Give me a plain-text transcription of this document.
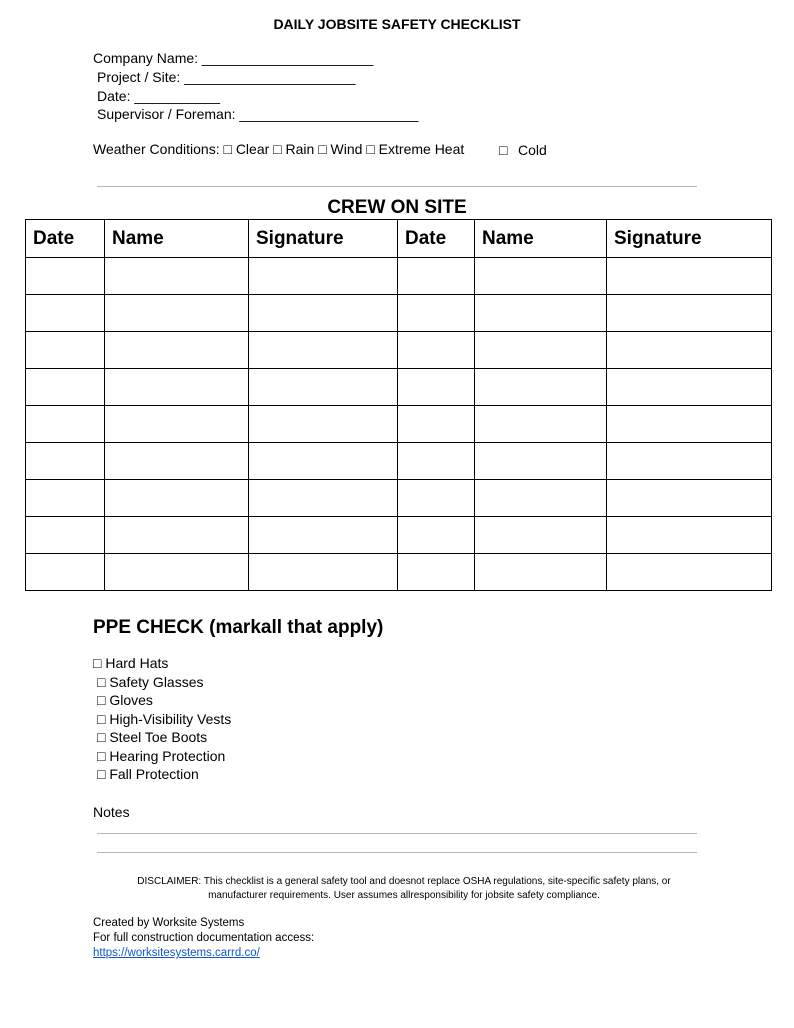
DAILY JOBSITE SAFETY CHECKLIST
Company Name: ______________________
Project / Site: ______________________
Date: ___________
Supervisor / Foreman: _______________________
Weather Conditions: □ Clear □ Rain □ Wind □ Extreme Heat □ Cold
CREW ON SITE
Date	Name	Signature	Date	Name	Signature

PPE CHECK (markall that apply)
□ Hard Hats
□ Safety Glasses
□ Gloves
□ High-Visibility Vests
□ Steel Toe Boots
□ Hearing Protection
□ Fall Protection
Notes
DISCLAIMER: This checklist is a general safety tool and doesnot replace OSHA regulations, site-specific safety plans, or
manufacturer requirements. User assumes allresponsibility for jobsite safety compliance.
Created by Worksite Systems
For full construction documentation access:
https://worksitesystems.carrd.co/
